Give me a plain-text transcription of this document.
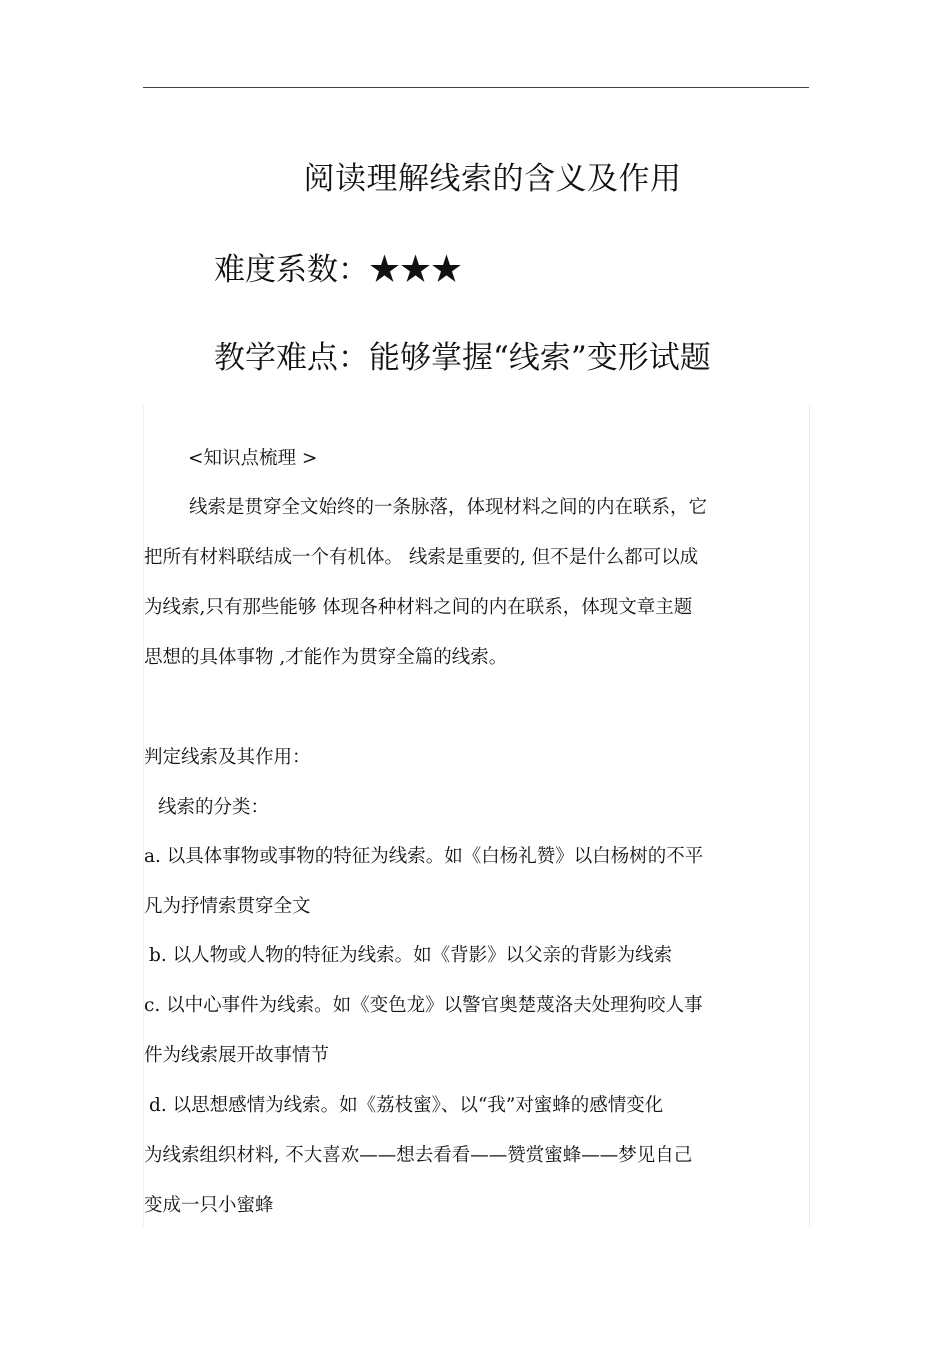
阅读理解线索的含义及作用
难度系数：★★★
教学难点：能够掌握“线索”变形试题
<知识点梳理 >
线索是贯穿全文始终的一条脉落，体现材料之间的内在联系，它
把所有材料联结成一个有机体。 线索是重要的, 但不是什么都可以成
为线索,只有那些能够 体现各种材料之间的内在联系，体现文章主题
思想的具体事物 ,才能作为贯穿全篇的线索。
判定线索及其作用：
线索的分类：
a. 以具体事物或事物的特征为线索。如《白杨礼赞》以白杨树的不平
凡为抒情索贯穿全文
b. 以人物或人物的特征为线索。如《背影》以父亲的背影为线索
c. 以中心事件为线索。如《变色龙》以警官奥楚蔑洛夫处理狗咬人事
件为线索展开故事情节
d. 以思想感情为线索。如《荔枝蜜》、以“我”对蜜蜂的感情变化
为线索组织材料, 不大喜欢——想去看看——赞赏蜜蜂——梦见自己
变成一只小蜜蜂
